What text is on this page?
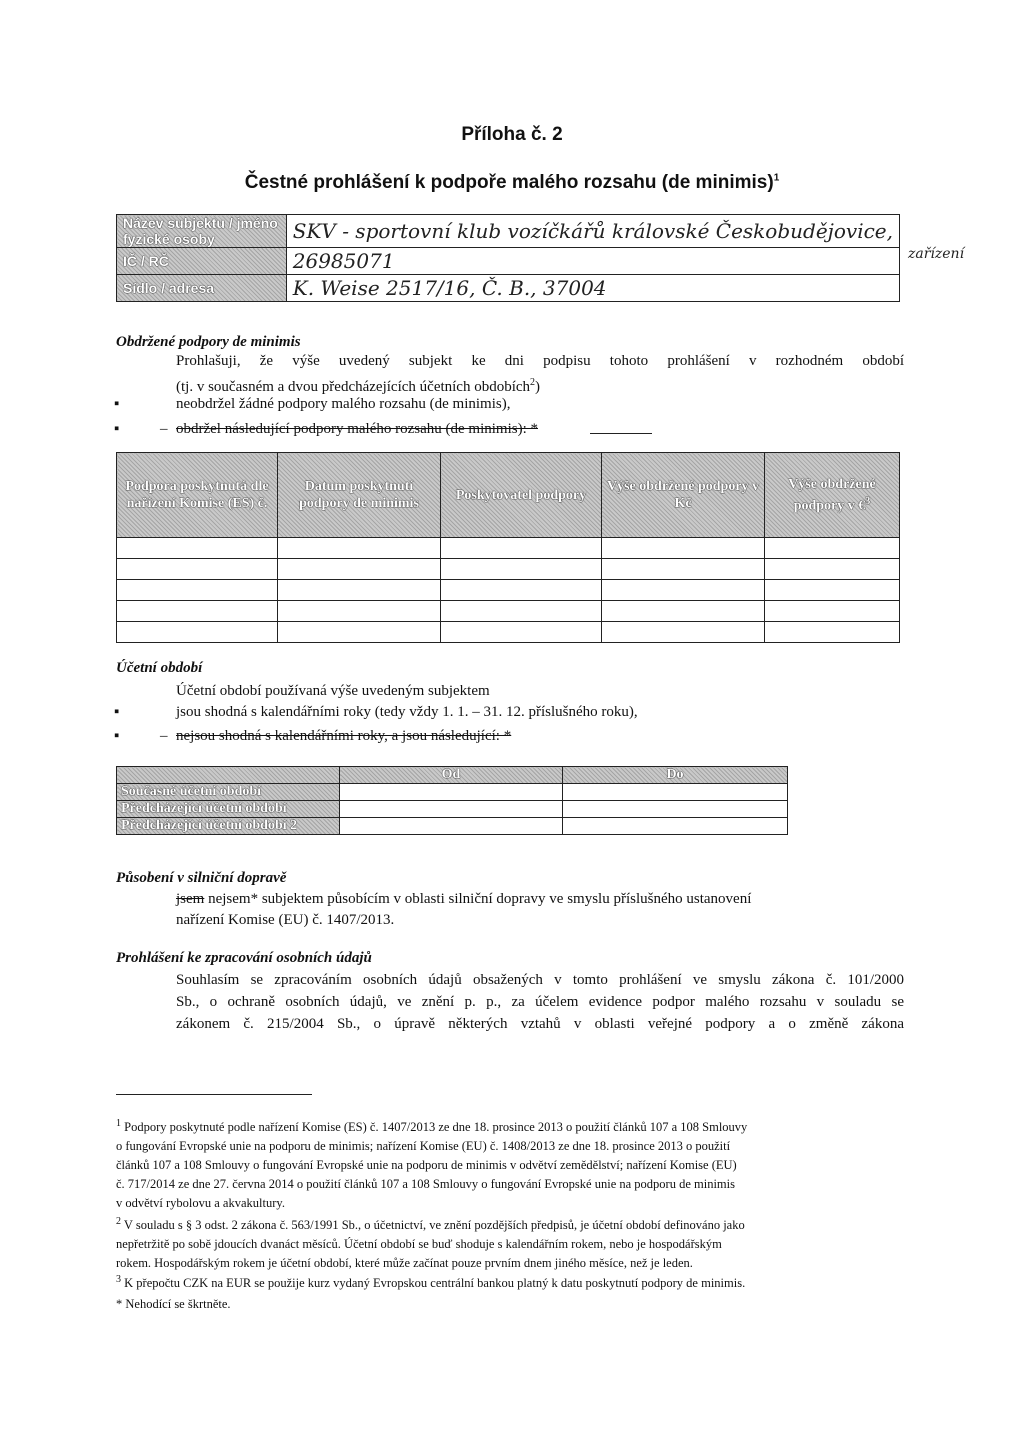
Příloha č. 2
Čestné prohlášení k podpoře malého rozsahu (de minimis)$^1$
Název subjektu / jméno fyzické osoby	SKV - sportovní klub vozíčkářů královské Českobudějovice,
IČ / RČ	26985071
Sídlo / adresa	K. Weise 2517/16, Č. B., 37004
zařízení
Obdržené podpory de minimis
Prohlašuji, že výše uvedený subjekt ke dni podpisu tohoto prohlášení v rozhodném období
(tj. v současném a dvou předcházejících účetních obdobích$^2$)
▪	neobdržel žádné podpory malého rozsahu (de minimis),
▪	– obdržel následující podpory malého rozsahu (de minimis): *
Podpora poskytnutá dle nařízení Komise (ES) č.	Datum poskytnutí podpory de minimis	Poskytovatel podpory	Výše obdržené podpory v Kč	Výše obdržené podpory v €$^3$

Účetní období
Účetní období používaná výše uvedeným subjektem
▪	jsou shodná s kalendářními roky (tedy vždy 1. 1. – 31. 12. příslušného roku),
▪	– nejsou shodná s kalendářními roky, a jsou následující: *
	Od	Do
Současné účetní období		
Předcházející účetní období		
Předcházející účetní období 2		
Působení v silniční dopravě
jsem nejsem* subjektem působícím v oblasti silniční dopravy ve smyslu příslušného ustanovení
nařízení Komise (EU) č. 1407/2013.
Prohlášení ke zpracování osobních údajů
Souhlasím se zpracováním osobních údajů obsažených v tomto prohlášení ve smyslu zákona č. 101/2000
Sb., o ochraně osobních údajů, ve znění p. p., za účelem evidence podpor malého rozsahu v souladu se
zákonem č. 215/2004 Sb., o úpravě některých vztahů v oblasti veřejné podpory a o změně zákona
$^1$ Podpory poskytnuté podle nařízení Komise (ES) č. 1407/2013 ze dne 18. prosince 2013 o použití článků 107 a 108 Smlouvy
o fungování Evropské unie na podporu de minimis; nařízení Komise (EU) č. 1408/2013 ze dne 18. prosince 2013 o použití
článků 107 a 108 Smlouvy o fungování Evropské unie na podporu de minimis v odvětví zemědělství; nařízení Komise (EU)
č. 717/2014 ze dne 27. června 2014 o použití článků 107 a 108 Smlouvy o fungování Evropské unie na podporu de minimis
v odvětví rybolovu a akvakultury.
$^2$ V souladu s § 3 odst. 2 zákona č. 563/1991 Sb., o účetnictví, ve znění pozdějších předpisů, je účetní období definováno jako
nepřetržitě po sobě jdoucích dvanáct měsíců. Účetní období se buď shoduje s kalendářním rokem, nebo je hospodářským
rokem. Hospodářským rokem je účetní období, které může začínat pouze prvním dnem jiného měsíce, než je leden.
$^3$ K přepočtu CZK na EUR se použije kurz vydaný Evropskou centrální bankou platný k datu poskytnutí podpory de minimis.
* Nehodící se škrtněte.
